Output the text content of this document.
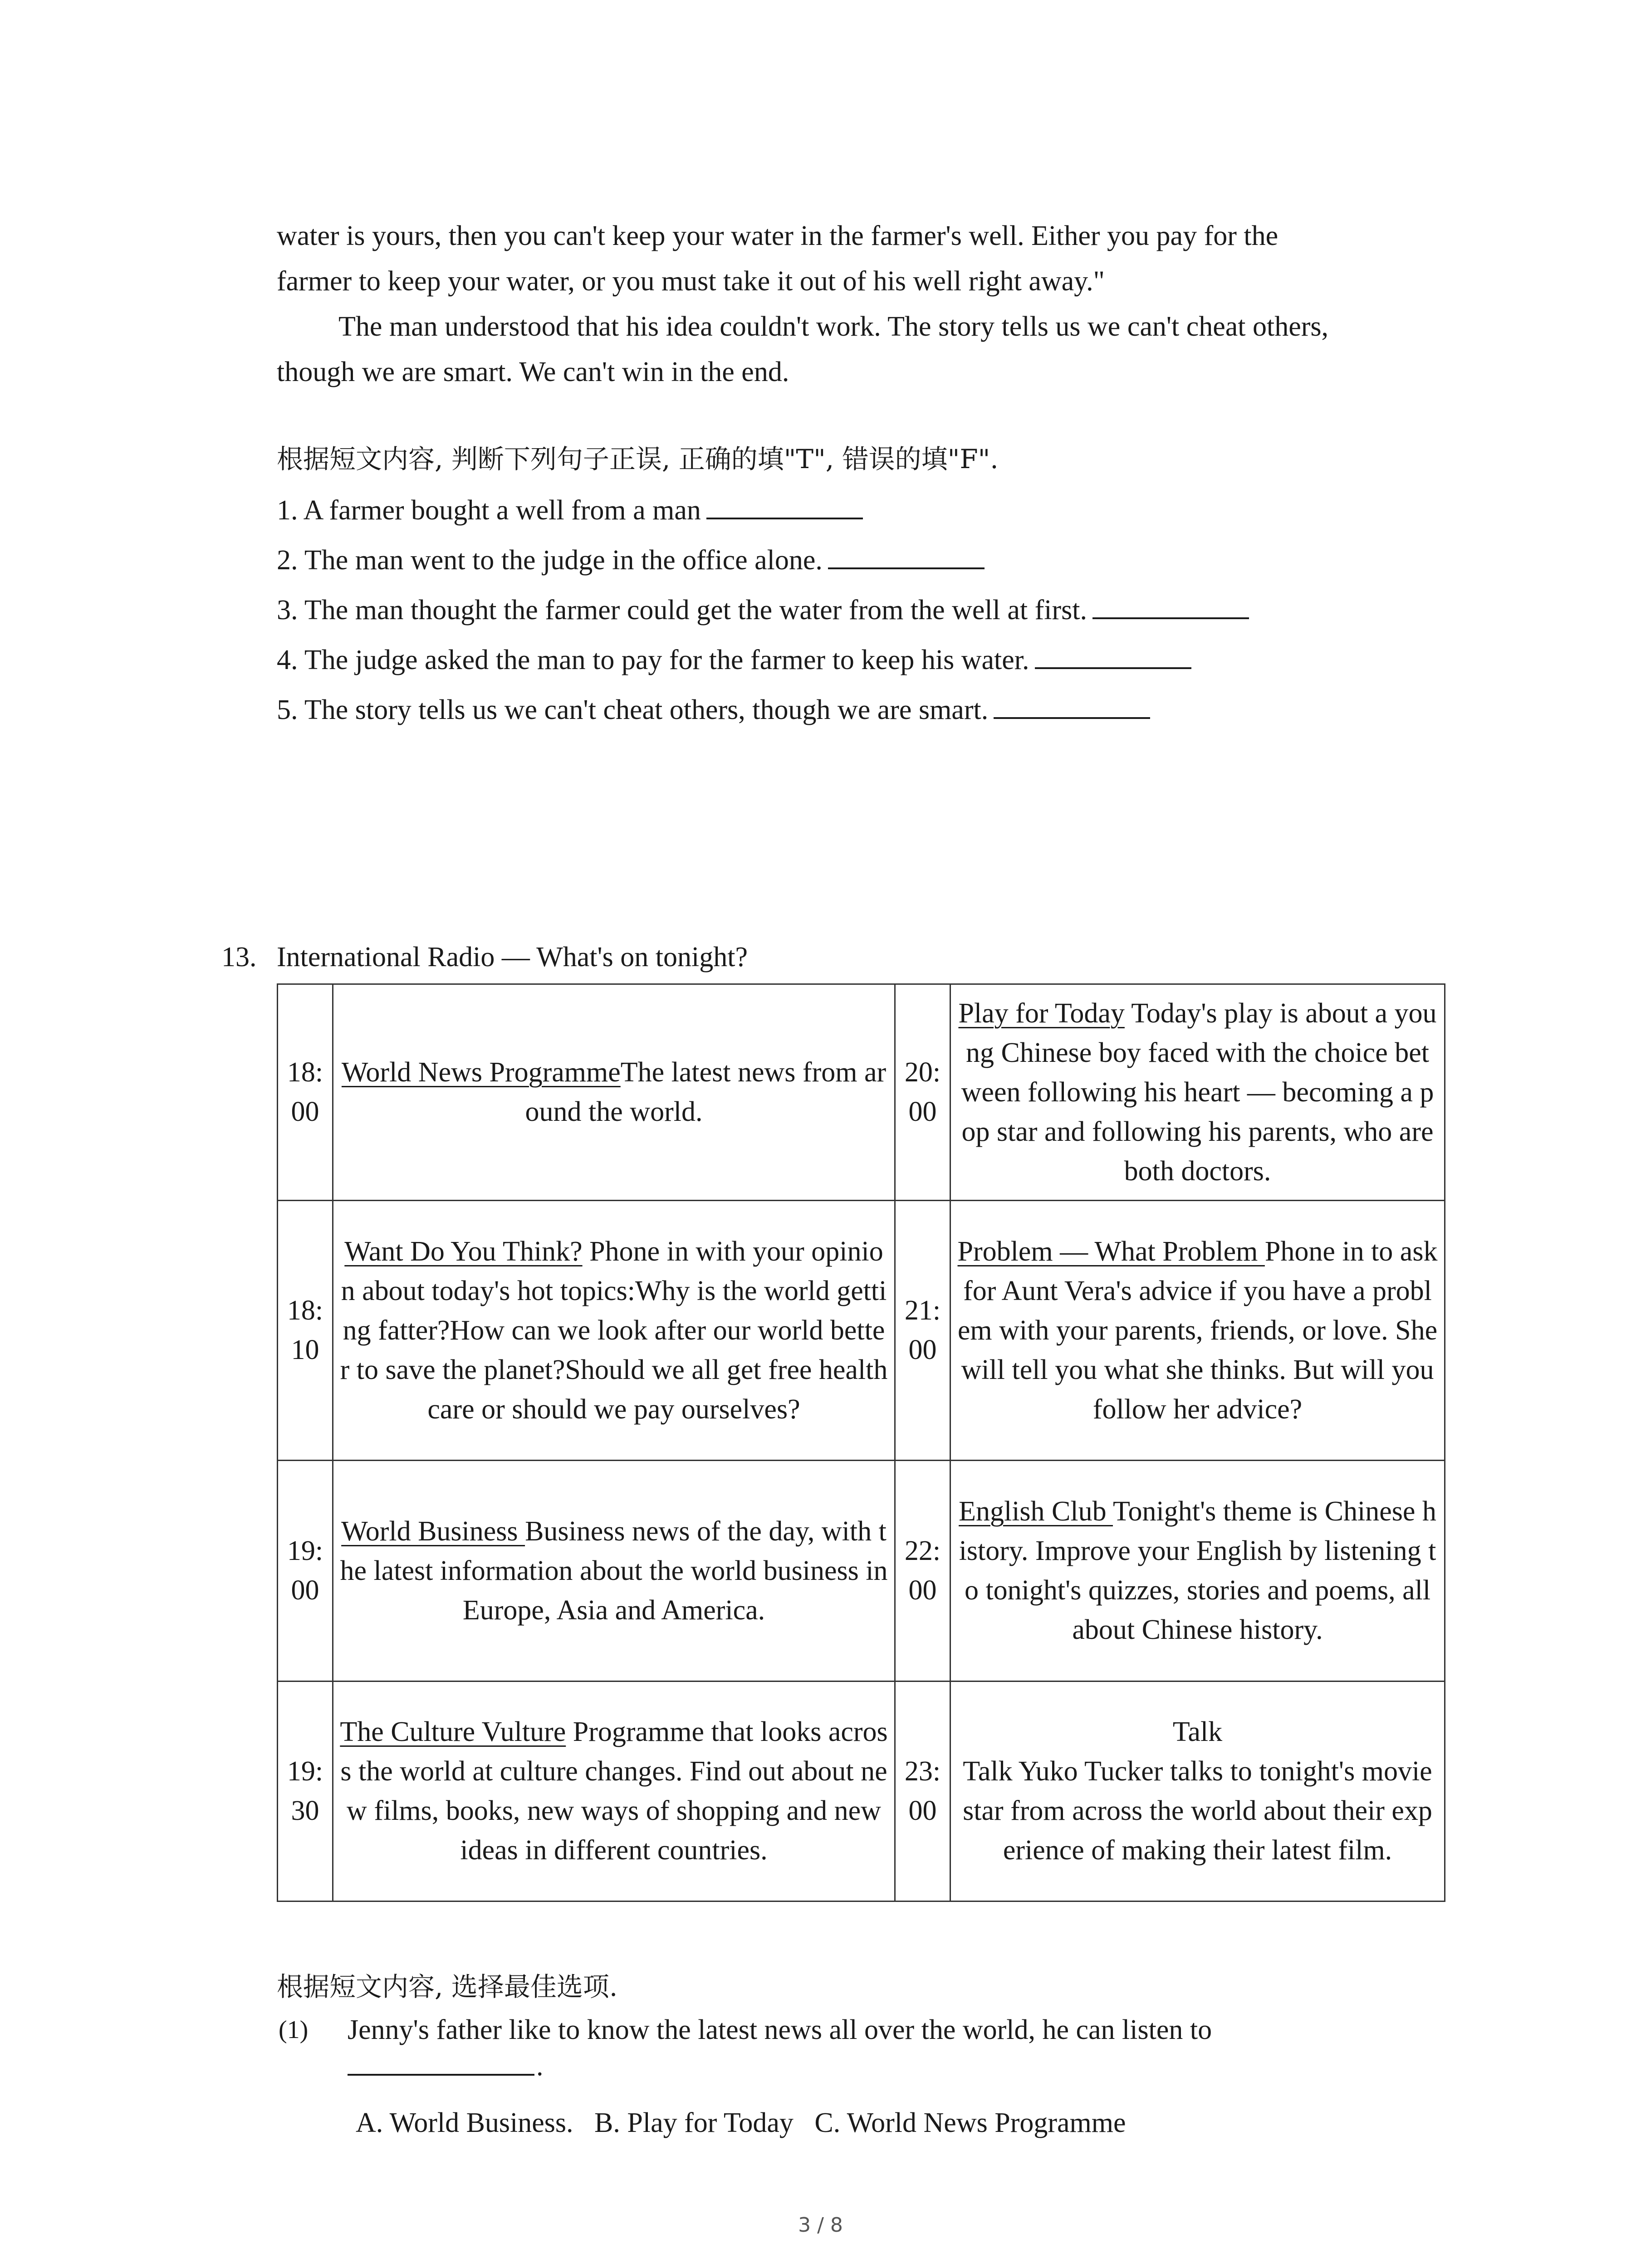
water is yours, then you can't keep your water in the farmer's well. Either you pay for the

farmer to keep your water, or you must take it out of his well right away."

The man understood that his idea couldn't work. The story tells us we can't cheat others,

though we are smart. We can't win in the end.

根据短文内容, 判断下列句子正误, 正确的填"T", 错误的填"F".

1. A farmer bought a well from a man

2. The man went to the judge in the office alone.

3. The man thought the farmer could get the water from the well at first.

4. The judge asked the man to pay for the farmer to keep his water.

5. The story tells us we can't cheat others, though we are smart.

13. International Radio — What's on tonight?

18:00	World News ProgrammeThe latest news from around the world.	20:00	Play for Today Today's play is about a young Chinese boy faced with the choice between following his heart — becoming a pop star and following his parents, who are both doctors.
18:10	Want Do You Think? Phone in with your opinion about today's hot topics:Why is the world getting fatter?How can we look after our world better to save the planet?Should we all get free healthcare or should we pay ourselves?	21:00	Problem — What Problem Phone in to ask for Aunt Vera's advice if you have a problem with your parents, friends, or love. She will tell you what she thinks. But will you follow her advice?
19:00	World Business Business news of the day, with the latest information about the world business in Europe, Asia and America.	22:00	English Club Tonight's theme is Chinese history. Improve your English by listening to tonight's quizzes, stories and poems, all about Chinese history.
19:30	The Culture Vulture Programme that looks across the world at culture changes. Find out about new films, books, new ways of shopping and new ideas in different countries.	23:00	Talk
Talk Yuko Tucker talks to tonight's movie star from across the world about their experience of making their latest film.

根据短文内容, 选择最佳选项.

(1) Jenny's father like to know the latest news all over the world, he can listen to

.

A. World Business.   B. Play for Today   C. World News Programme

3 / 8
